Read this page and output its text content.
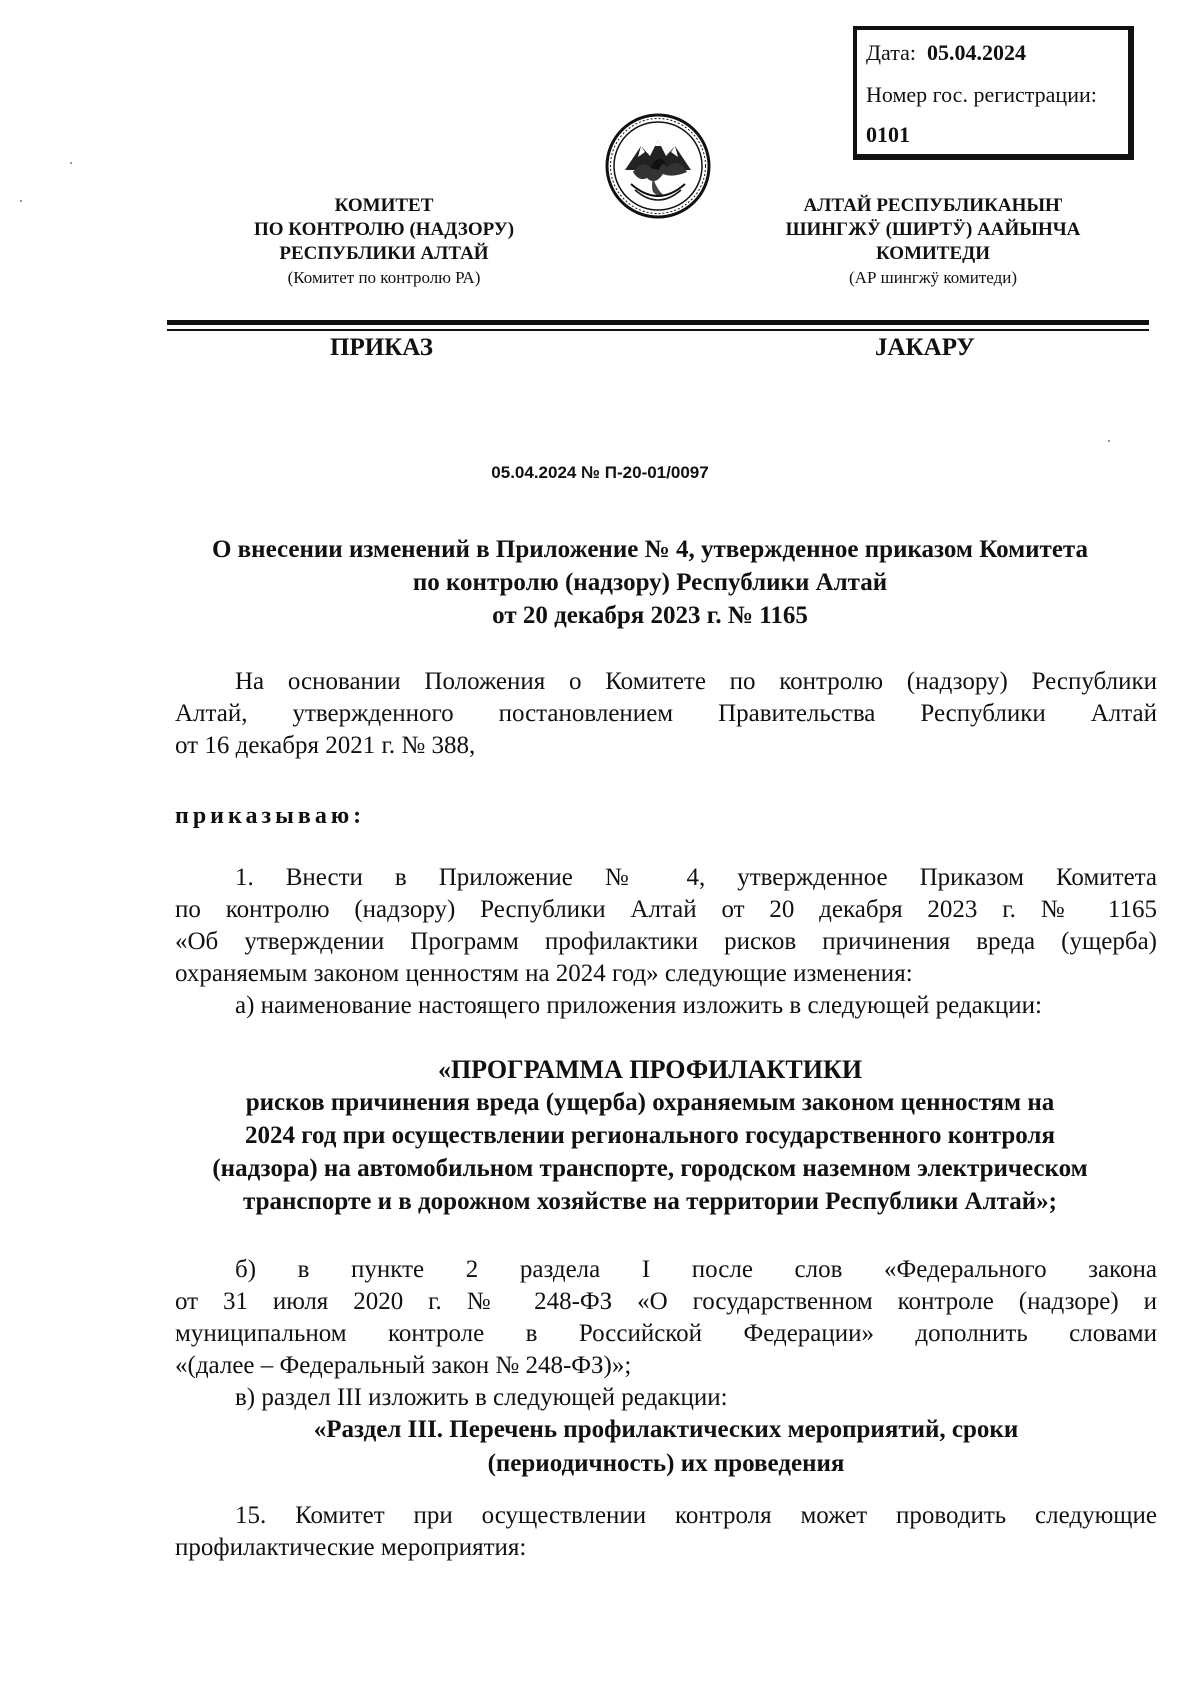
Дата: 05.04.2024
Номер гос. регистрации:
0101
КОМИТЕТ
ПО КОНТРОЛЮ (НАДЗОРУ)
РЕСПУБЛИКИ АЛТАЙ
(Комитет по контролю РА)
АЛТАЙ РЕСПУБЛИКАНЫҤ
ШИНГЖӰ (ШИРТӰ) ААЙЫНЧА
КОМИТЕДИ
(АР шингжӱ комитеди)
ПРИКАЗ	JАКАРУ
05.04.2024 № П-20-01/0097
О внесении изменений в Приложение № 4, утвержденное приказом Комитета
по контролю (надзору) Республики Алтай
от 20 декабря 2023 г. № 1165
На основании Положения о Комитете по контролю (надзору) Республики
Алтай, утвержденного постановлением Правительства Республики Алтай
от 16 декабря 2021 г. № 388,
приказываю:
1. Внести в Приложение № 4, утвержденное Приказом Комитета
по контролю (надзору) Республики Алтай от 20 декабря 2023 г. № 1165
«Об утверждении Программ профилактики рисков причинения вреда (ущерба)
охраняемым законом ценностям на 2024 год» следующие изменения:
а) наименование настоящего приложения изложить в следующей редакции:
«ПРОГРАММА ПРОФИЛАКТИКИ
рисков причинения вреда (ущерба) охраняемым законом ценностям на
2024 год при осуществлении регионального государственного контроля
(надзора) на автомобильном транспорте, городском наземном электрическом
транспорте и в дорожном хозяйстве на территории Республики Алтай»;
б) в пункте 2 раздела I после слов «Федерального закона
от 31 июля 2020 г. № 248-ФЗ «О государственном контроле (надзоре) и
муниципальном контроле в Российской Федерации» дополнить словами
«(далее – Федеральный закон № 248-ФЗ)»;
в) раздел III изложить в следующей редакции:
«Раздел III. Перечень профилактических мероприятий, сроки
(периодичность) их проведения
15. Комитет при осуществлении контроля может проводить следующие
профилактические мероприятия:
